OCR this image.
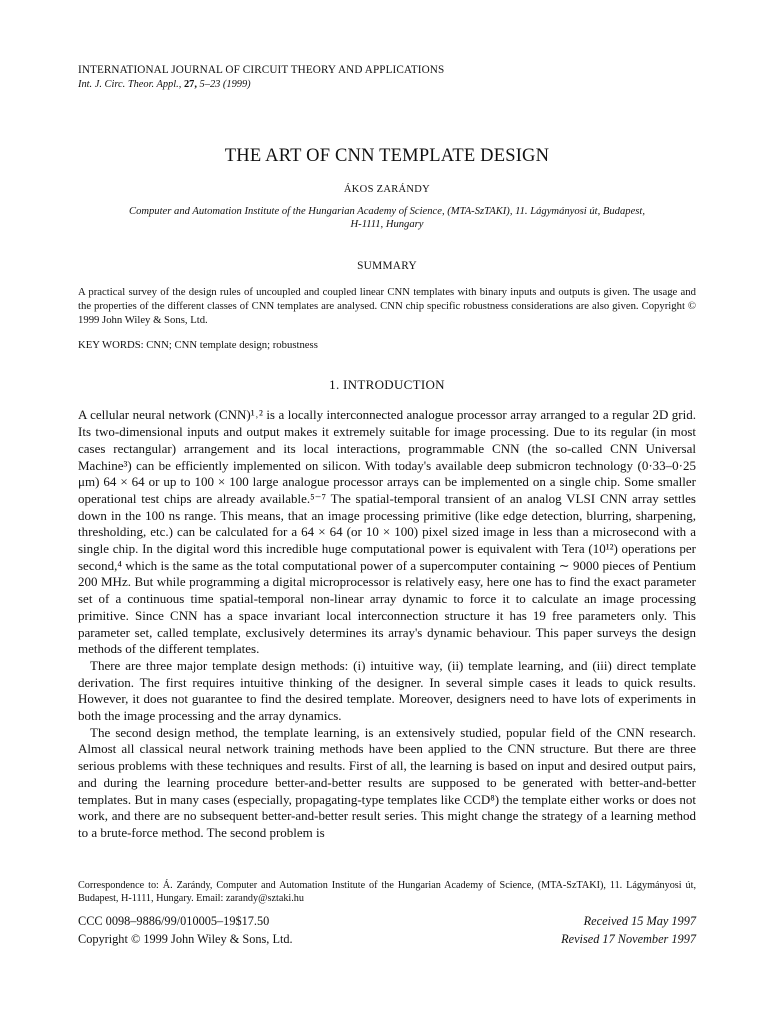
INTERNATIONAL JOURNAL OF CIRCUIT THEORY AND APPLICATIONS
Int. J. Circ. Theor. Appl., 27, 5–23 (1999)
THE ART OF CNN TEMPLATE DESIGN
ÁKOS ZARÁNDY
Computer and Automation Institute of the Hungarian Academy of Science, (MTA-SzTAKI), 11. Lágymányosi út, Budapest,
H-1111, Hungary
SUMMARY
A practical survey of the design rules of uncoupled and coupled linear CNN templates with binary inputs and outputs is given. The usage and the properties of the different classes of CNN templates are analysed. CNN chip specific robustness considerations are also given. Copyright © 1999 John Wiley & Sons, Ltd.
KEY WORDS: CNN; CNN template design; robustness
1. INTRODUCTION

A cellular neural network (CNN)¹˒² is a locally interconnected analogue processor array arranged to a regular 2D grid. Its two-dimensional inputs and output makes it extremely suitable for image processing. Due to its regular (in most cases rectangular) arrangement and its local interactions, programmable CNN (the so-called CNN Universal Machine³) can be efficiently implemented on silicon. With today's available deep submicron technology (0·33–0·25 μm) 64 × 64 or up to 100 × 100 large analogue processor arrays can be implemented on a single chip. Some smaller operational test chips are already available.⁵⁻⁷ The spatial-temporal transient of an analog VLSI CNN array settles down in the 100 ns range. This means, that an image processing primitive (like edge detection, blurring, sharpening, thresholding, etc.) can be calculated for a 64 × 64 (or 10 × 100) pixel sized image in less than a microsecond with a single chip. In the digital word this incredible huge computational power is equivalent with Tera (10¹²) operations per second,⁴ which is the same as the total computational power of a supercomputer containing ∼ 9000 pieces of Pentium 200 MHz. But while programming a digital microprocessor is relatively easy, here one has to find the exact parameter set of a continuous time spatial-temporal non-linear array dynamic to force it to calculate an image processing primitive. Since CNN has a space invariant local interconnection structure it has 19 free parameters only. This parameter set, called template, exclusively determines its array's dynamic behaviour. This paper surveys the design methods of the different templates.

There are three major template design methods: (i) intuitive way, (ii) template learning, and (iii) direct template derivation. The first requires intuitive thinking of the designer. In several simple cases it leads to quick results. However, it does not guarantee to find the desired template. Moreover, designers need to have lots of experiments in both the image processing and the array dynamics.

The second design method, the template learning, is an extensively studied, popular field of the CNN research. Almost all classical neural network training methods have been applied to the CNN structure. But there are three serious problems with these techniques and results. First of all, the learning is based on input and desired output pairs, and during the learning procedure better-and-better results are supposed to be generated with better-and-better templates. But in many cases (especially, propagating-type templates like CCD⁸) the template either works or does not work, and there are no subsequent better-and-better result series. This might change the strategy of a learning method to a brute-force method. The second problem is

Correspondence to: Á. Zarándy, Computer and Automation Institute of the Hungarian Academy of Science, (MTA-SzTAKI), 11. Lágymányosi út, Budapest, H-1111, Hungary. Email: zarandy@sztaki.hu
CCC 0098–9886/99/010005–19$17.50
Copyright © 1999 John Wiley & Sons, Ltd.
Received 15 May 1997
Revised 17 November 1997
